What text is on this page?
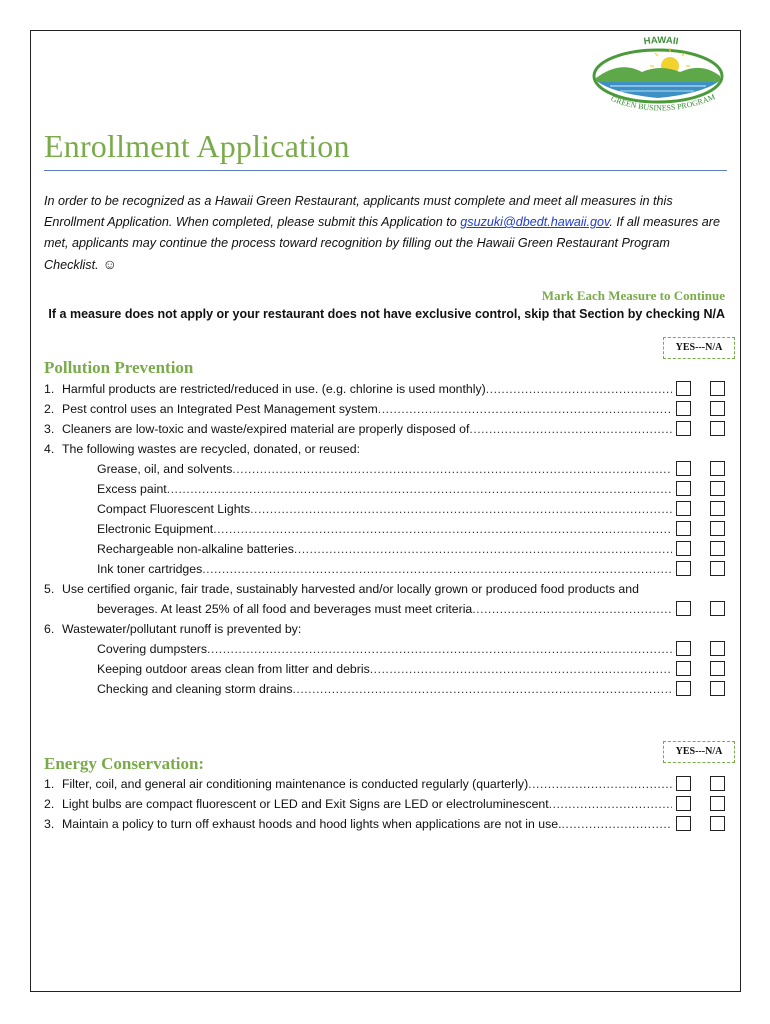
HAWAII
GREEN BUSINESS PROGRAM
Enrollment Application

In order to be recognized as a Hawaii Green Restaurant, applicants must complete and meet all measures in this Enrollment Application. When completed, please submit this Application to gsuzuki@dbedt.hawaii.gov. If all measures are met, applicants may continue the process toward recognition by filling out the Hawaii Green Restaurant Program Checklist. ☺

Mark Each Measure to Continue
If a measure does not apply or your restaurant does not have exclusive control, skip that Section by checking N/A
YES---N/A
Pollution Prevention
1. Harmful products are restricted/reduced in use. (e.g. chlorine is used monthly)
.....
2. Pest control uses an Integrated Pest Management system
.....
3. Cleaners are low-toxic and waste/expired material are properly disposed of
.....
4. The following wastes are recycled, donated, or reused:
Grease, oil, and solvents
.....
Excess paint
.....
Compact Fluorescent Lights
.....
Electronic Equipment
.....
Rechargeable non-alkaline batteries
.....
Ink toner cartridges
.....
5. Use certified organic, fair trade, sustainably harvested and/or locally grown or produced food products and
beverages. At least 25% of all food and beverages must meet criteria
.....
6. Wastewater/pollutant runoff is prevented by:
Covering dumpsters
.....
Keeping outdoor areas clean from litter and debris
.....
Checking and cleaning storm drains
.....
YES---N/A
Energy Conservation:
1. Filter, coil, and general air conditioning maintenance is conducted regularly (quarterly)
.....
2. Light bulbs are compact fluorescent or LED and Exit Signs are LED or electroluminescent
.....
3. Maintain a policy to turn off exhaust hoods and hood lights when applications are not in use.
.....
